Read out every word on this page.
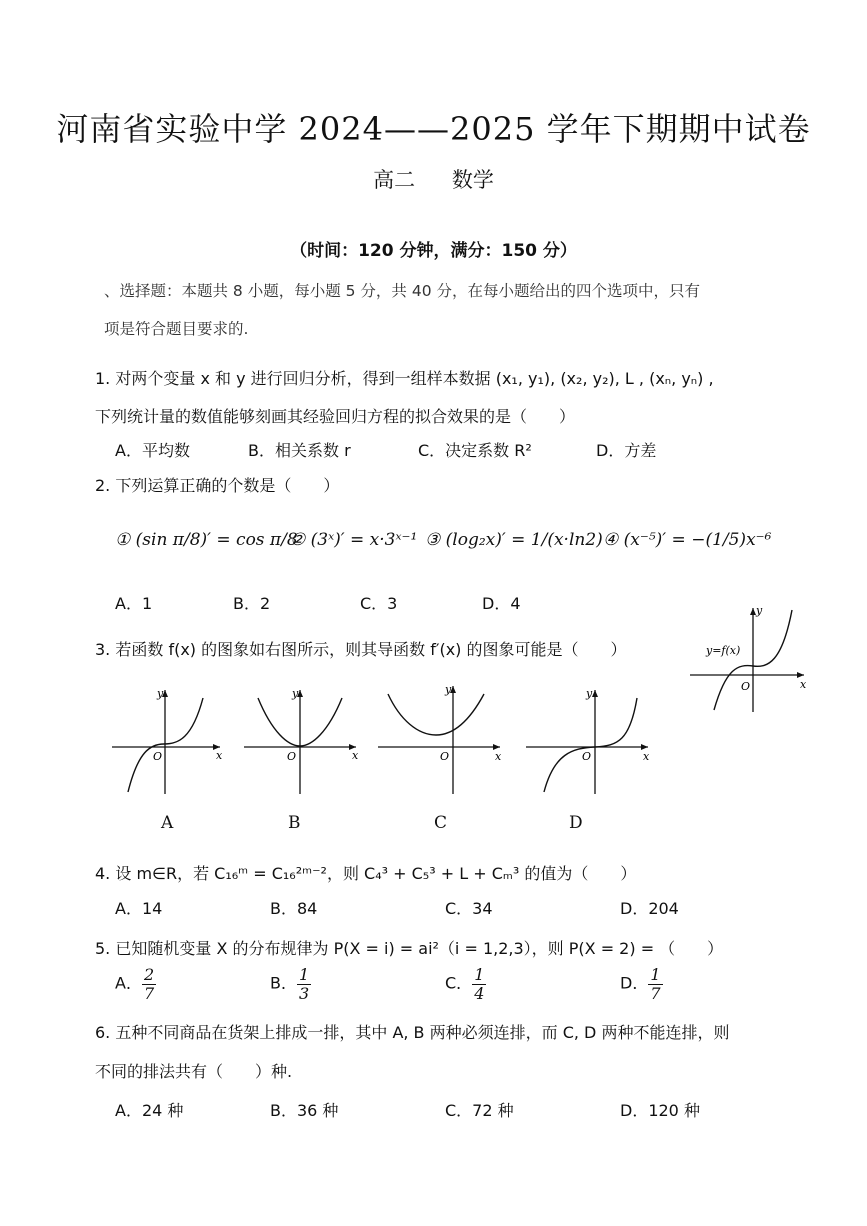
河南省实验中学 2024——2025 学年下期期中试卷
高二 数学
（时间：120 分钟，满分：150 分）
、选择题：本题共 8 小题，每小题 5 分，共 40 分，在每小题给出的四个选项中，只有
项是符合题目要求的.
1. 对两个变量 x 和 y 进行回归分析，得到一组样本数据 (x₁, y₁), (x₂, y₂), L , (xₙ, yₙ) ,
下列统计量的数值能够刻画其经验回归方程的拟合效果的是（　　）
A．平均数	B．相关系数 r	C．决定系数 R²	D．方差
2. 下列运算正确的个数是（　　）
① (sin π/8)′ = cos π/8
② (3ˣ)′ = x·3ˣ⁻¹ ③ (log₂x)′ = 1/(x·ln2) ④ (x⁻⁵)′ = −(1/5)x⁻⁶
A．1	B．2	C．3	D．4
3. 若函数 f(x) 的图象如右图所示，则其导函数 f′(x) 的图象可能是（　　）
y
x
O
y=f(x)
y
x
O
A
y
x
O
B
y
x
O
C
y
x
O
D
4. 设 m∈R，若 C₁₆ᵐ = C₁₆²ᵐ⁻²，则 C₄³ + C₅³ + L + Cₘ³ 的值为（　　）
A．14	B．84	C．34	D．204
5. 已知随机变量 X 的分布规律为 P(X = i) = ai²（i = 1,2,3），则 P(X = 2) = （　　）
A． $\frac{2}{7}$	B． $\frac{1}{3}$	C． $\frac{1}{4}$	D． $\frac{1}{7}$
6. 五种不同商品在货架上排成一排，其中 A, B 两种必须连排，而 C, D 两种不能连排，则
不同的排法共有（　　）种.
A．24 种	B．36 种	C．72 种	D．120 种
